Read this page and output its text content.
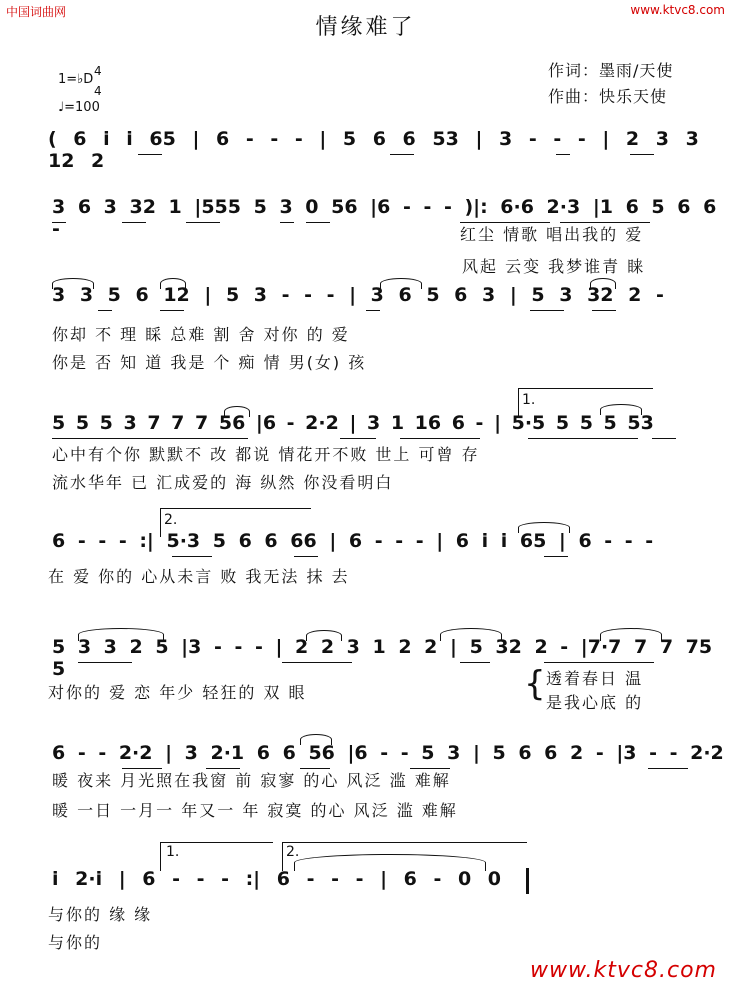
中国词曲网	www.ktvc8.com
情缘难了
作词：墨雨/天使
作曲：快乐天使
1=♭D
4
4
♩=100
( 6 i i 65 | 6 - - - | 5 6 6 53 | 3 - - - | 2 3 3 12 2
3 6 3 32 1 |555 5 3 0 56 |6 - - - )|: 6·6 2·3 |1 6 5 6 6 -	红尘 情歌 唱出我的 爱
风起 云变 我梦谁青 睐
3 3 5 6 12 | 5 3 - - - | 3 6 5 6 3 | 5 3 32 2 -
你却 不 理 睬 总难 割 舍 对你 的 爱
你是 否 知 道 我是 个 痴 情 男(女) 孩
1.
5 5 5 3 7 7 7 56 |6 - 2·2 | 3 1 16 6 - | 5·5 5 5 5 53
心中有个你 默默不 改 都说 情花开不败 世上 可曾 存
流水华年 已 汇成爱的 海 纵然 你没看明白
2.
6 - - - :| 5·3 5 6 6 66 | 6 - - - | 6 i i 65 | 6 - - -
在 爱 你的 心从未言 败 我无法 抹 去
5 3 3 2 5 |3 - - - | 2 2 3 1 2 2 | 5 32 2 - |7·7 7 7 75 5	{
对你的 爱 恋 年少 轻狂的 双 眼
透着春日 温
是我心底 的
6 - - 2·2 | 3 2·1 6 6 56 |6 - - 5 3 | 5 6 6 2 - |3 - - 2·2
暖 夜来 月光照在我窗 前 寂寥 的心 风泛 滥 难解
暖 一日 一月一 年又一 年 寂寞 的心 风泛 滥 难解
1.	2.
i 2·i | 6 - - - :| 6 - - - | 6 - 0 0
与你的 缘 缘
与你的
www.ktvc8.com
